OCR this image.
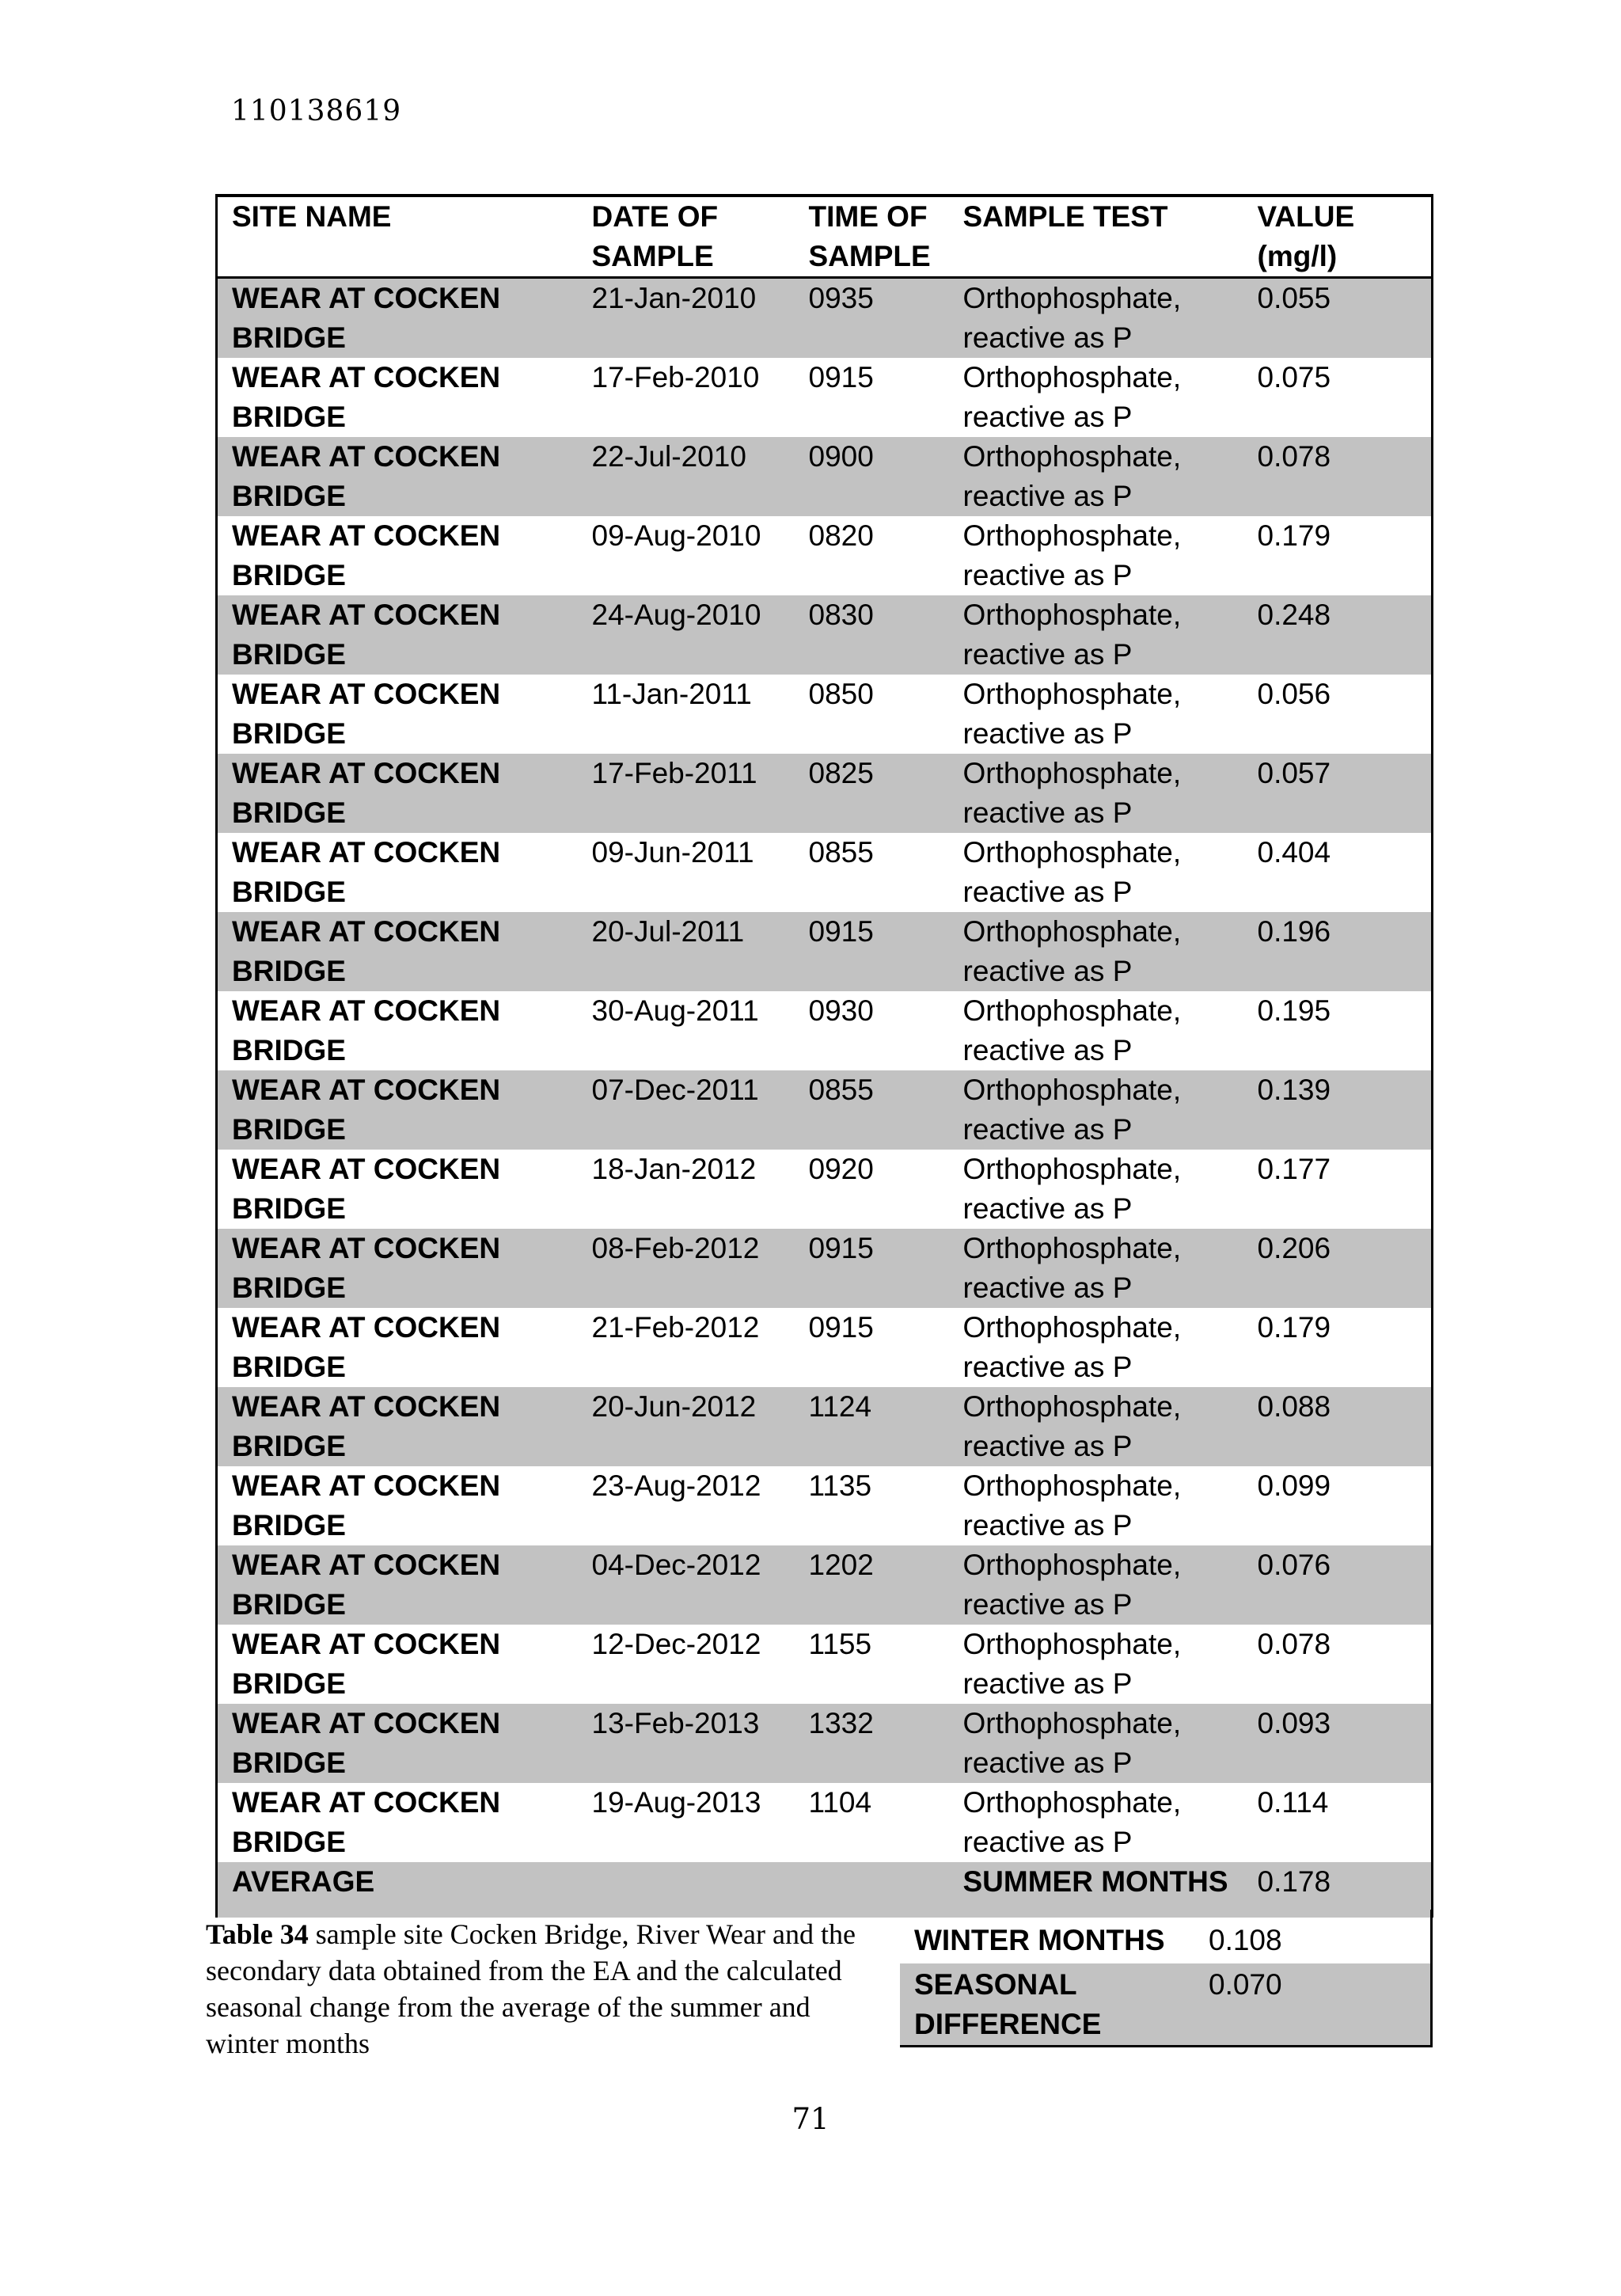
110138619
SITE NAME	DATE OF SAMPLE	TIME OF SAMPLE	SAMPLE TEST	VALUE (mg/l)
WEAR AT COCKEN BRIDGE	21-Jan-2010	0935	Orthophosphate, reactive as P	0.055
WEAR AT COCKEN BRIDGE	17-Feb-2010	0915	Orthophosphate, reactive as P	0.075
WEAR AT COCKEN BRIDGE	22-Jul-2010	0900	Orthophosphate, reactive as P	0.078
WEAR AT COCKEN BRIDGE	09-Aug-2010	0820	Orthophosphate, reactive as P	0.179
WEAR AT COCKEN BRIDGE	24-Aug-2010	0830	Orthophosphate, reactive as P	0.248
WEAR AT COCKEN BRIDGE	11-Jan-2011	0850	Orthophosphate, reactive as P	0.056
WEAR AT COCKEN BRIDGE	17-Feb-2011	0825	Orthophosphate, reactive as P	0.057
WEAR AT COCKEN BRIDGE	09-Jun-2011	0855	Orthophosphate, reactive as P	0.404
WEAR AT COCKEN BRIDGE	20-Jul-2011	0915	Orthophosphate, reactive as P	0.196
WEAR AT COCKEN BRIDGE	30-Aug-2011	0930	Orthophosphate, reactive as P	0.195
WEAR AT COCKEN BRIDGE	07-Dec-2011	0855	Orthophosphate, reactive as P	0.139
WEAR AT COCKEN BRIDGE	18-Jan-2012	0920	Orthophosphate, reactive as P	0.177
WEAR AT COCKEN BRIDGE	08-Feb-2012	0915	Orthophosphate, reactive as P	0.206
WEAR AT COCKEN BRIDGE	21-Feb-2012	0915	Orthophosphate, reactive as P	0.179
WEAR AT COCKEN BRIDGE	20-Jun-2012	1124	Orthophosphate, reactive as P	0.088
WEAR AT COCKEN BRIDGE	23-Aug-2012	1135	Orthophosphate, reactive as P	0.099
WEAR AT COCKEN BRIDGE	04-Dec-2012	1202	Orthophosphate, reactive as P	0.076
WEAR AT COCKEN BRIDGE	12-Dec-2012	1155	Orthophosphate, reactive as P	0.078
WEAR AT COCKEN BRIDGE	13-Feb-2013	1332	Orthophosphate, reactive as P	0.093
WEAR AT COCKEN BRIDGE	19-Aug-2013	1104	Orthophosphate, reactive as P	0.114
AVERAGE			SUMMER MONTHS	0.178
WINTER MONTHS	0.108
SEASONAL DIFFERENCE	0.070
Table 34 sample site Cocken Bridge, River Wear and the secondary data obtained from the EA and the calculated seasonal change from the average of the summer and winter months
71
